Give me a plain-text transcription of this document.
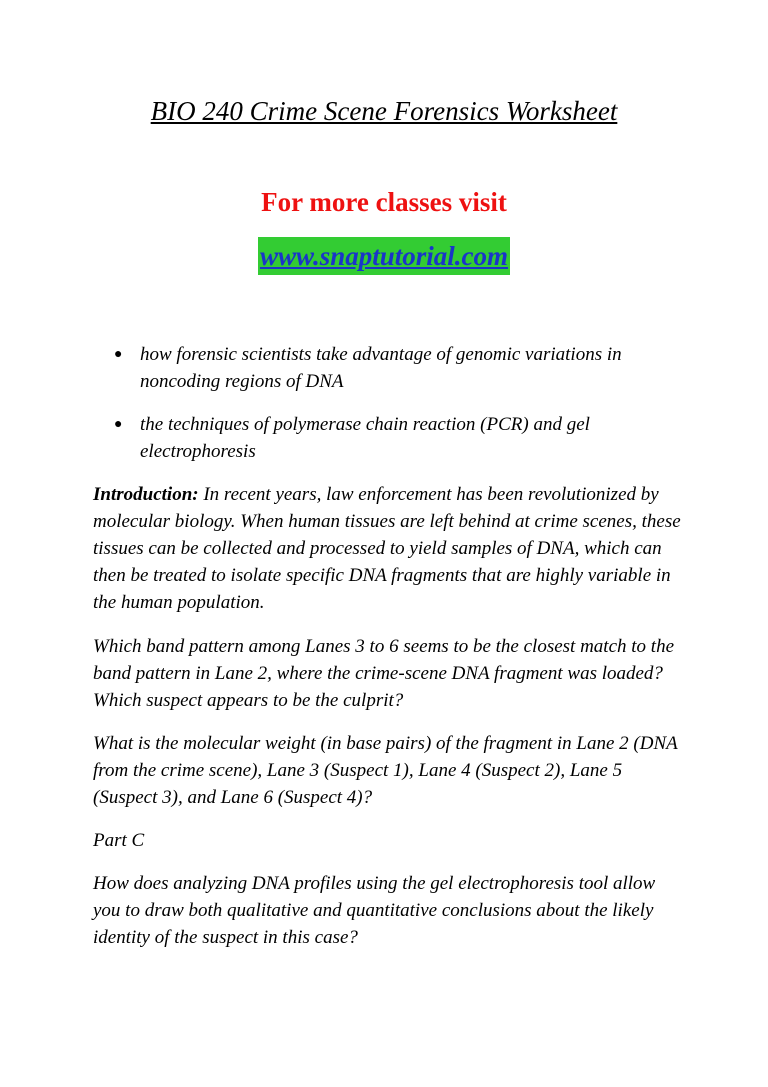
BIO 240 Crime Scene Forensics Worksheet
For more classes visit
www.snaptutorial.com
● how forensic scientists take advantage of genomic variations in noncoding regions of DNA
● the techniques of polymerase chain reaction (PCR) and gel electrophoresis

Introduction: In recent years, law enforcement has been revolutionized by molecular biology. When human tissues are left behind at crime scenes, these tissues can be collected and processed to yield samples of DNA, which can then be treated to isolate specific DNA fragments that are highly variable in the human population.

Which band pattern among Lanes 3 to 6 seems to be the closest match to the band pattern in Lane 2, where the crime-scene DNA fragment was loaded? Which suspect appears to be the culprit?

What is the molecular weight (in base pairs) of the fragment in Lane 2 (DNA from the crime scene), Lane 3 (Suspect 1), Lane 4 (Suspect 2), Lane 5 (Suspect 3), and Lane 6 (Suspect 4)?

Part C

How does analyzing DNA profiles using the gel electrophoresis tool allow you to draw both qualitative and quantitative conclusions about the likely identity of the suspect in this case?
